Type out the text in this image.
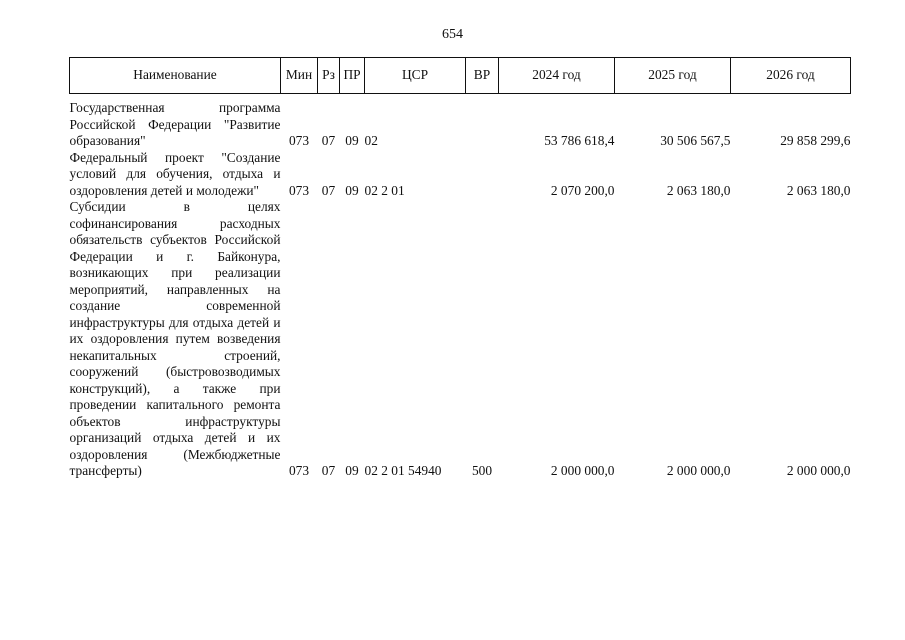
654
Наименование	Мин	Рз	ПР	ЦСР	ВР	2024 год	2025 год	2026 год

Государственная программа Российской Федерации "Развитие образования"	073	07	09	02		53 786 618,4	30 506 567,5	29 858 299,6
Федеральный проект "Создание условий для обучения, отдыха и оздоровления детей и молодежи"	073	07	09	02 2 01		2 070 200,0	2 063 180,0	2 063 180,0
Субсидии в целях софинансирования расходных обязательств субъектов Российской Федерации и г. Байконура, возникающих при реализации мероприятий, направленных на создание современной инфраструктуры для отдыха детей и их оздоровления путем возведения некапитальных строений, сооружений (быстровозводимых конструкций), а также при проведении капитального ремонта объектов инфраструктуры организаций отдыха детей и их оздоровления (Межбюджетные трансферты)	073	07	09	02 2 01 54940	500	2 000 000,0	2 000 000,0	2 000 000,0
